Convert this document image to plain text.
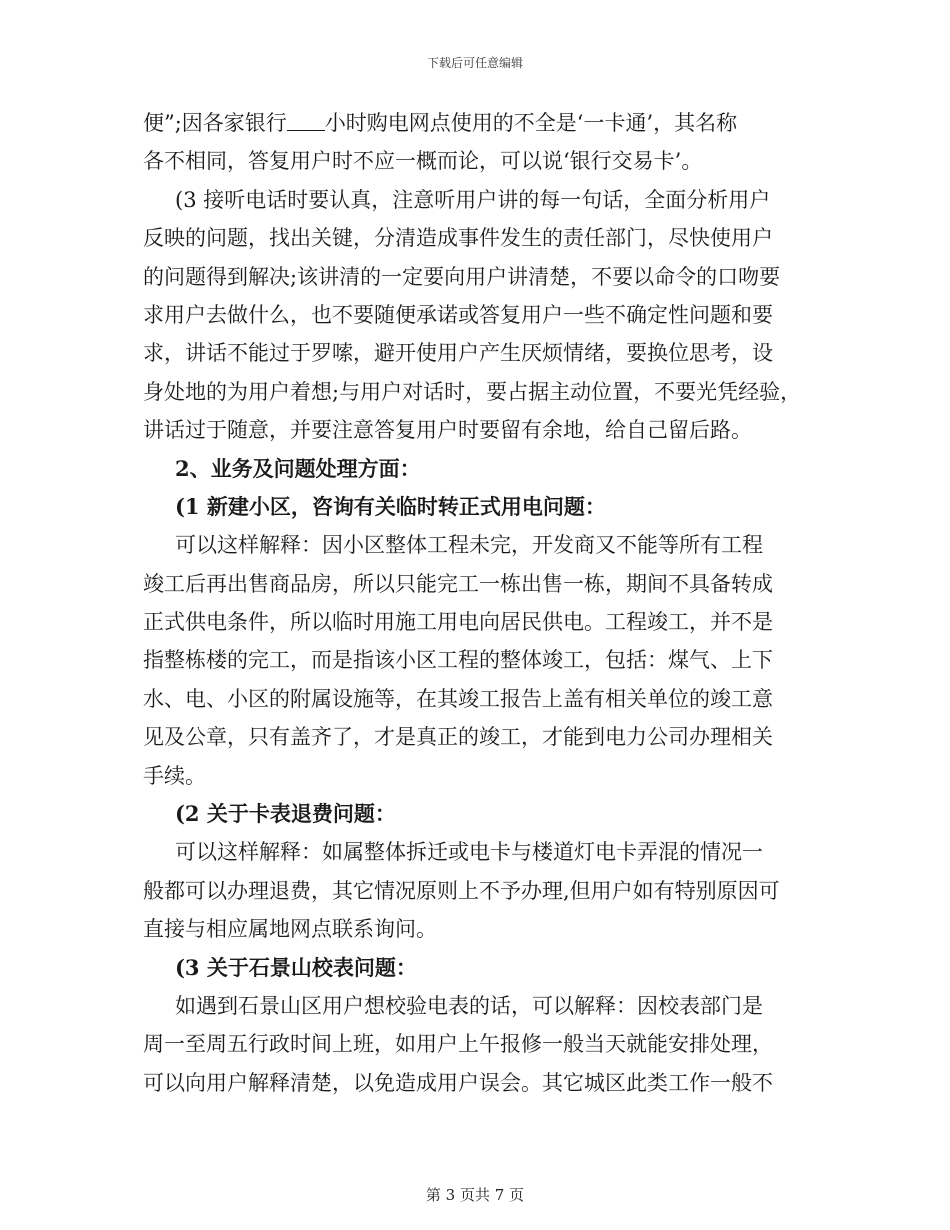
下载后可任意编辑
便”;因各家银行 小时购电网点使用的不全是‘一卡通’，其名称
各不相同，答复用户时不应一概而论，可以说‘银行交易卡’。
(3 接听电话时要认真，注意听用户讲的每一句话，全面分析用户
反映的问题，找出关键，分清造成事件发生的责任部门，尽快使用户
的问题得到解决;该讲清的一定要向用户讲清楚，不要以命令的口吻要
求用户去做什么，也不要随便承诺或答复用户一些不确定性问题和要
求，讲话不能过于罗嗦，避开使用户产生厌烦情绪，要换位思考，设
身处地的为用户着想;与用户对话时，要占据主动位置，不要光凭经验，
讲话过于随意，并要注意答复用户时要留有余地，给自己留后路。
2、业务及问题处理方面：
(1 新建小区，咨询有关临时转正式用电问题：
可以这样解释：因小区整体工程未完，开发商又不能等所有工程
竣工后再出售商品房，所以只能完工一栋出售一栋，期间不具备转成
正式供电条件，所以临时用施工用电向居民供电。工程竣工，并不是
指整栋楼的完工，而是指该小区工程的整体竣工，包括：煤气、上下
水、电、小区的附属设施等，在其竣工报告上盖有相关单位的竣工意
见及公章，只有盖齐了，才是真正的竣工，才能到电力公司办理相关
手续。
(2 关于卡表退费问题：
可以这样解释：如属整体拆迁或电卡与楼道灯电卡弄混的情况一
般都可以办理退费，其它情况原则上不予办理,但用户如有特别原因可
直接与相应属地网点联系询问。
(3 关于石景山校表问题：
如遇到石景山区用户想校验电表的话，可以解释：因校表部门是
周一至周五行政时间上班，如用户上午报修一般当天就能安排处理，
可以向用户解释清楚，以免造成用户误会。其它城区此类工作一般不
第 3 页共 7 页
